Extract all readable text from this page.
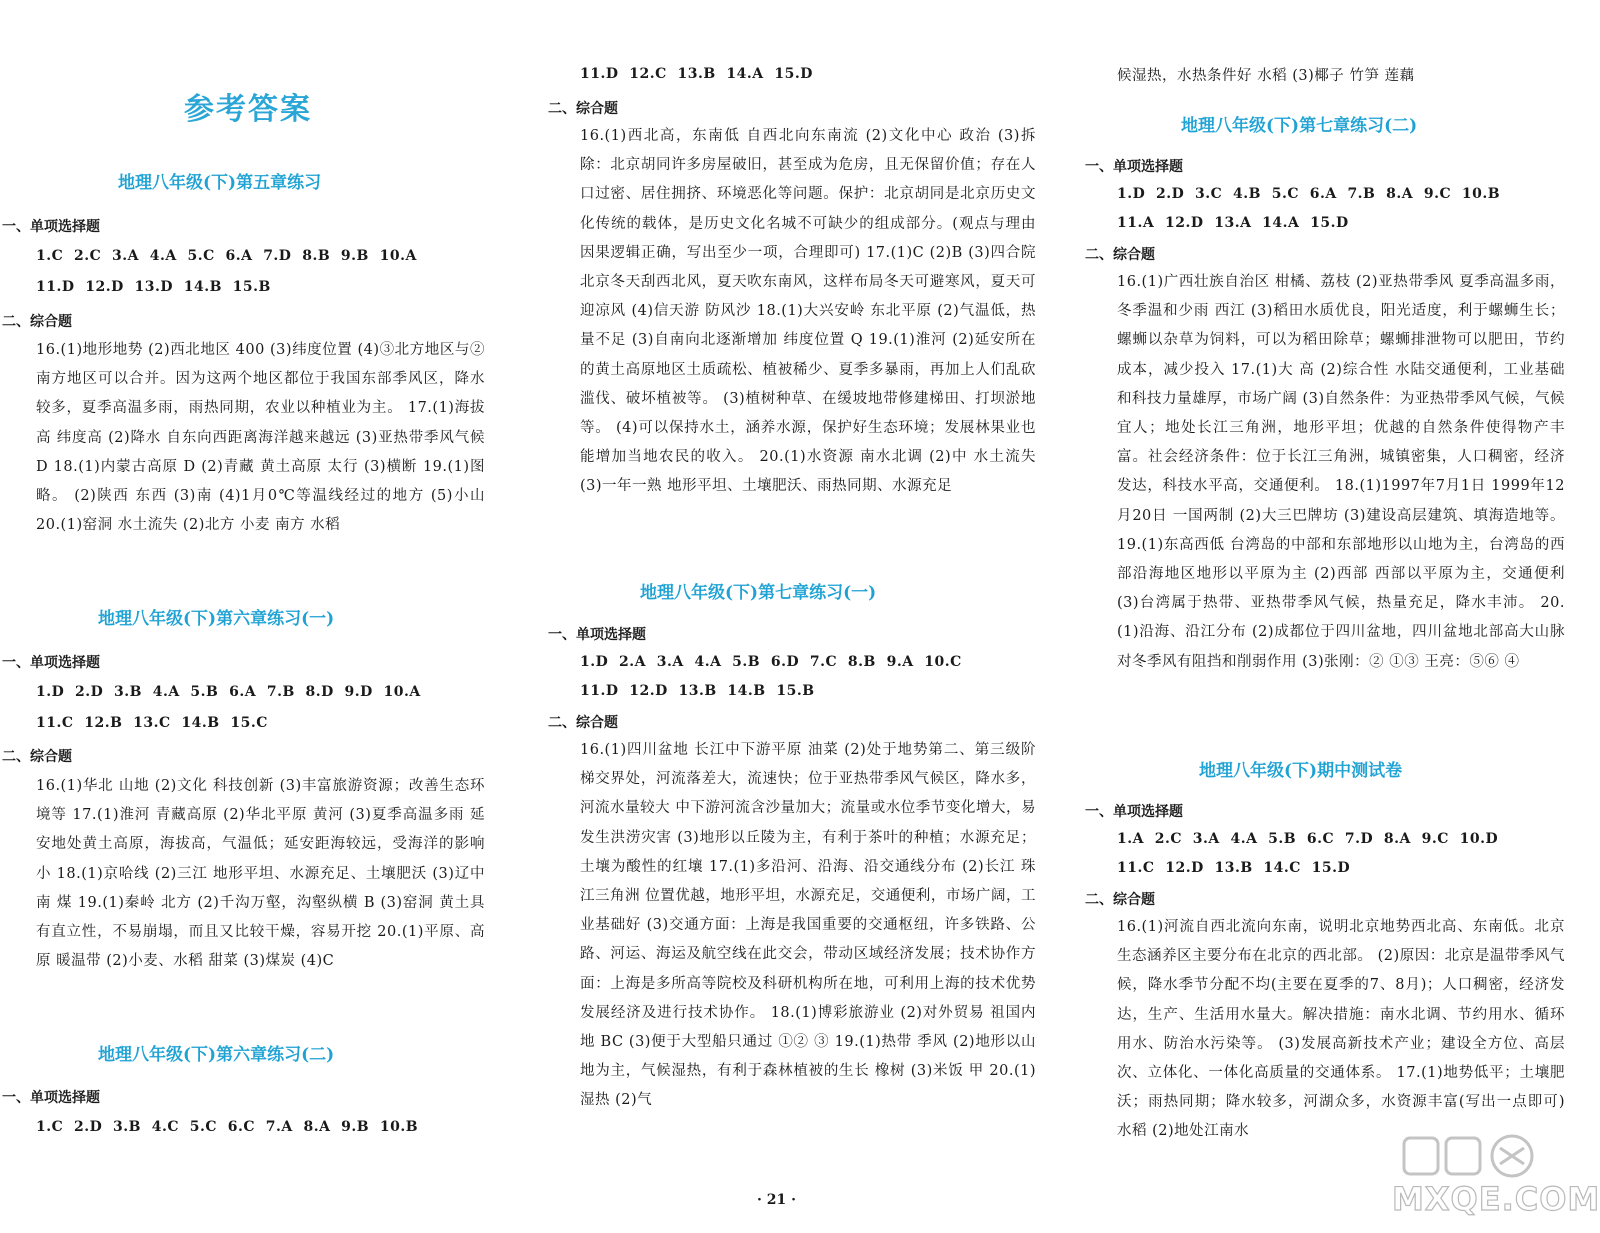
参考答案
地理八年级(下)第五章练习
一、单项选择题
1.C  2.C  3.A  4.A  5.C  6.A  7.D  8.B  9.B  10.A
11.D  12.D  13.D  14.B  15.B
二、综合题
16.(1)地形地势 (2)西北地区 400 (3)纬度位置 (4)③北方地区与②南方地区可以合并。因为这两个地区都位于我国东部季风区，降水较多，夏季高温多雨，雨热同期，农业以种植业为主。 17.(1)海拔高 纬度高 (2)降水 自东向西距离海洋越来越远 (3)亚热带季风气候 D 18.(1)内蒙古高原 D (2)青藏 黄土高原 太行 (3)横断 19.(1)图略。 (2)陕西 东西 (3)南 (4)1月0℃等温线经过的地方 (5)小山 20.(1)窑洞 水土流失 (2)北方 小麦 南方 水稻
地理八年级(下)第六章练习(一)
一、单项选择题
1.D  2.D  3.B  4.A  5.B  6.A  7.B  8.D  9.D  10.A
11.C  12.B  13.C  14.B  15.C
二、综合题
16.(1)华北 山地 (2)文化 科技创新 (3)丰富旅游资源；改善生态环境等 17.(1)淮河 青藏高原 (2)华北平原 黄河 (3)夏季高温多雨 延安地处黄土高原，海拔高，气温低；延安距海较远，受海洋的影响小 18.(1)京哈线 (2)三江 地形平坦、水源充足、土壤肥沃 (3)辽中南 煤 19.(1)秦岭 北方 (2)千沟万壑，沟壑纵横 B (3)窑洞 黄土具有直立性，不易崩塌，而且又比较干燥，容易开挖 20.(1)平原、高原 暖温带 (2)小麦、水稻 甜菜 (3)煤炭 (4)C
地理八年级(下)第六章练习(二)
一、单项选择题
1.C  2.D  3.B  4.C  5.C  6.C  7.A  8.A  9.B  10.B
11.D  12.C  13.B  14.A  15.D
二、综合题
16.(1)西北高，东南低 自西北向东南流 (2)文化中心 政治 (3)拆除：北京胡同许多房屋破旧，甚至成为危房，且无保留价值；存在人口过密、居住拥挤、环境恶化等问题。保护：北京胡同是北京历史文化传统的载体，是历史文化名城不可缺少的组成部分。(观点与理由因果逻辑正确，写出至少一项，合理即可) 17.(1)C (2)B (3)四合院 北京冬天刮西北风，夏天吹东南风，这样布局冬天可避寒风，夏天可迎凉风 (4)信天游 防风沙 18.(1)大兴安岭 东北平原 (2)气温低，热量不足 (3)自南向北逐渐增加 纬度位置 Q 19.(1)淮河 (2)延安所在的黄土高原地区土质疏松、植被稀少、夏季多暴雨，再加上人们乱砍滥伐、破坏植被等。 (3)植树种草、在缓坡地带修建梯田、打坝淤地等。 (4)可以保持水土，涵养水源，保护好生态环境；发展林果业也能增加当地农民的收入。 20.(1)水资源 南水北调 (2)中 水土流失 (3)一年一熟 地形平坦、土壤肥沃、雨热同期、水源充足
地理八年级(下)第七章练习(一)
一、单项选择题
1.D  2.A  3.A  4.A  5.B  6.D  7.C  8.B  9.A  10.C
11.D  12.D  13.B  14.B  15.B
二、综合题
16.(1)四川盆地 长江中下游平原 油菜 (2)处于地势第二、第三级阶梯交界处，河流落差大，流速快；位于亚热带季风气候区，降水多，河流水量较大 中下游河流含沙量加大；流量或水位季节变化增大，易发生洪涝灾害 (3)地形以丘陵为主，有利于茶叶的种植；水源充足；土壤为酸性的红壤 17.(1)多沿河、沿海、沿交通线分布 (2)长江 珠江三角洲 位置优越，地形平坦，水源充足，交通便利，市场广阔，工业基础好 (3)交通方面：上海是我国重要的交通枢纽，许多铁路、公路、河运、海运及航空线在此交会，带动区域经济发展；技术协作方面：上海是多所高等院校及科研机构所在地，可利用上海的技术优势发展经济及进行技术协作。 18.(1)博彩旅游业 (2)对外贸易 祖国内地 BC (3)便于大型船只通过 ①② ③ 19.(1)热带 季风 (2)地形以山地为主，气候湿热，有利于森林植被的生长 橡树 (3)米饭 甲 20.(1)湿热 (2)气
候湿热，水热条件好 水稻 (3)椰子 竹笋 莲藕
地理八年级(下)第七章练习(二)
一、单项选择题
1.D  2.D  3.C  4.B  5.C  6.A  7.B  8.A  9.C  10.B
11.A  12.D  13.A  14.A  15.D
二、综合题
16.(1)广西壮族自治区 柑橘、荔枝 (2)亚热带季风 夏季高温多雨，冬季温和少雨 西江 (3)稻田水质优良，阳光适度，利于螺蛳生长；螺蛳以杂草为饲料，可以为稻田除草；螺蛳排泄物可以肥田，节约成本，减少投入 17.(1)大 高 (2)综合性 水陆交通便利，工业基础和科技力量雄厚，市场广阔 (3)自然条件：为亚热带季风气候，气候宜人；地处长江三角洲，地形平坦；优越的自然条件使得物产丰富。社会经济条件：位于长江三角洲，城镇密集，人口稠密，经济发达，科技水平高，交通便利。 18.(1)1997年7月1日 1999年12月20日 一国两制 (2)大三巴牌坊 (3)建设高层建筑、填海造地等。 19.(1)东高西低 台湾岛的中部和东部地形以山地为主，台湾岛的西部沿海地区地形以平原为主 (2)西部 西部以平原为主，交通便利 (3)台湾属于热带、亚热带季风气候，热量充足，降水丰沛。 20.(1)沿海、沿江分布 (2)成都位于四川盆地，四川盆地北部高大山脉对冬季风有阻挡和削弱作用 (3)张刚：② ①③ 王亮：⑤⑥ ④
地理八年级(下)期中测试卷
一、单项选择题
1.A  2.C  3.A  4.A  5.B  6.C  7.D  8.A  9.C  10.D
11.C  12.D  13.B  14.C  15.D
二、综合题
16.(1)河流自西北流向东南，说明北京地势西北高、东南低。北京生态涵养区主要分布在北京的西北部。 (2)原因：北京是温带季风气候，降水季节分配不均(主要在夏季的7、8月)；人口稠密，经济发达，生产、生活用水量大。解决措施：南水北调、节约用水、循环用水、防治水污染等。 (3)发展高新技术产业；建设全方位、高层次、立体化、一体化高质量的交通体系。 17.(1)地势低平；土壤肥沃；雨热同期；降水较多，河湖众多，水资源丰富(写出一点即可) 水稻 (2)地处江南水
· 21 ·	MXQE.COM
